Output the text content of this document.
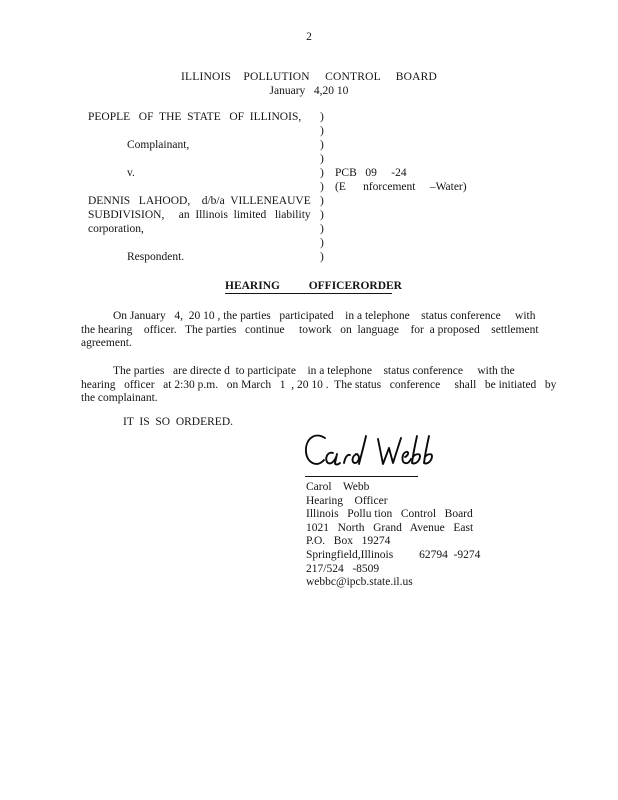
2
ILLINOIS    POLLUTION     CONTROL     BOARD
January   4,20 10
PEOPLE   OF  THE  STATE   OF  ILLINOIS,	)
)
Complainant,	)
)
v.	) PCB   09     -24
) (E      nforcement     –Water)
DENNIS   LAHOOD,    d/b/a  VILLENEAUVE )
SUBDIVISION,     an  Illinois  limited   liability )
corporation,	)
)
Respondent.	)
HEARING          OFFICERORDER
On January   4,  20 10 , the parties   participated    in a telephone    status conference     with
the hearing    officer.   The parties   continue     towork   on  language    for  a proposed    settlement
agreement.
The parties   are directe d  to participate    in a telephone    status conference     with the
hearing   officer   at 2:30 p.m.   on March   1  , 20 10 .  The status   conference     shall   be initiated   by
the complainant.
IT  IS  SO  ORDERED.
Carol    Webb
Hearing    Officer
Illinois   Pollu tion   Control   Board
1021   North   Grand   Avenue   East
P.O.   Box   19274
Springfield,Illinois         62794  -9274
217/524   -8509
webbc@ipcb.state.il.us
